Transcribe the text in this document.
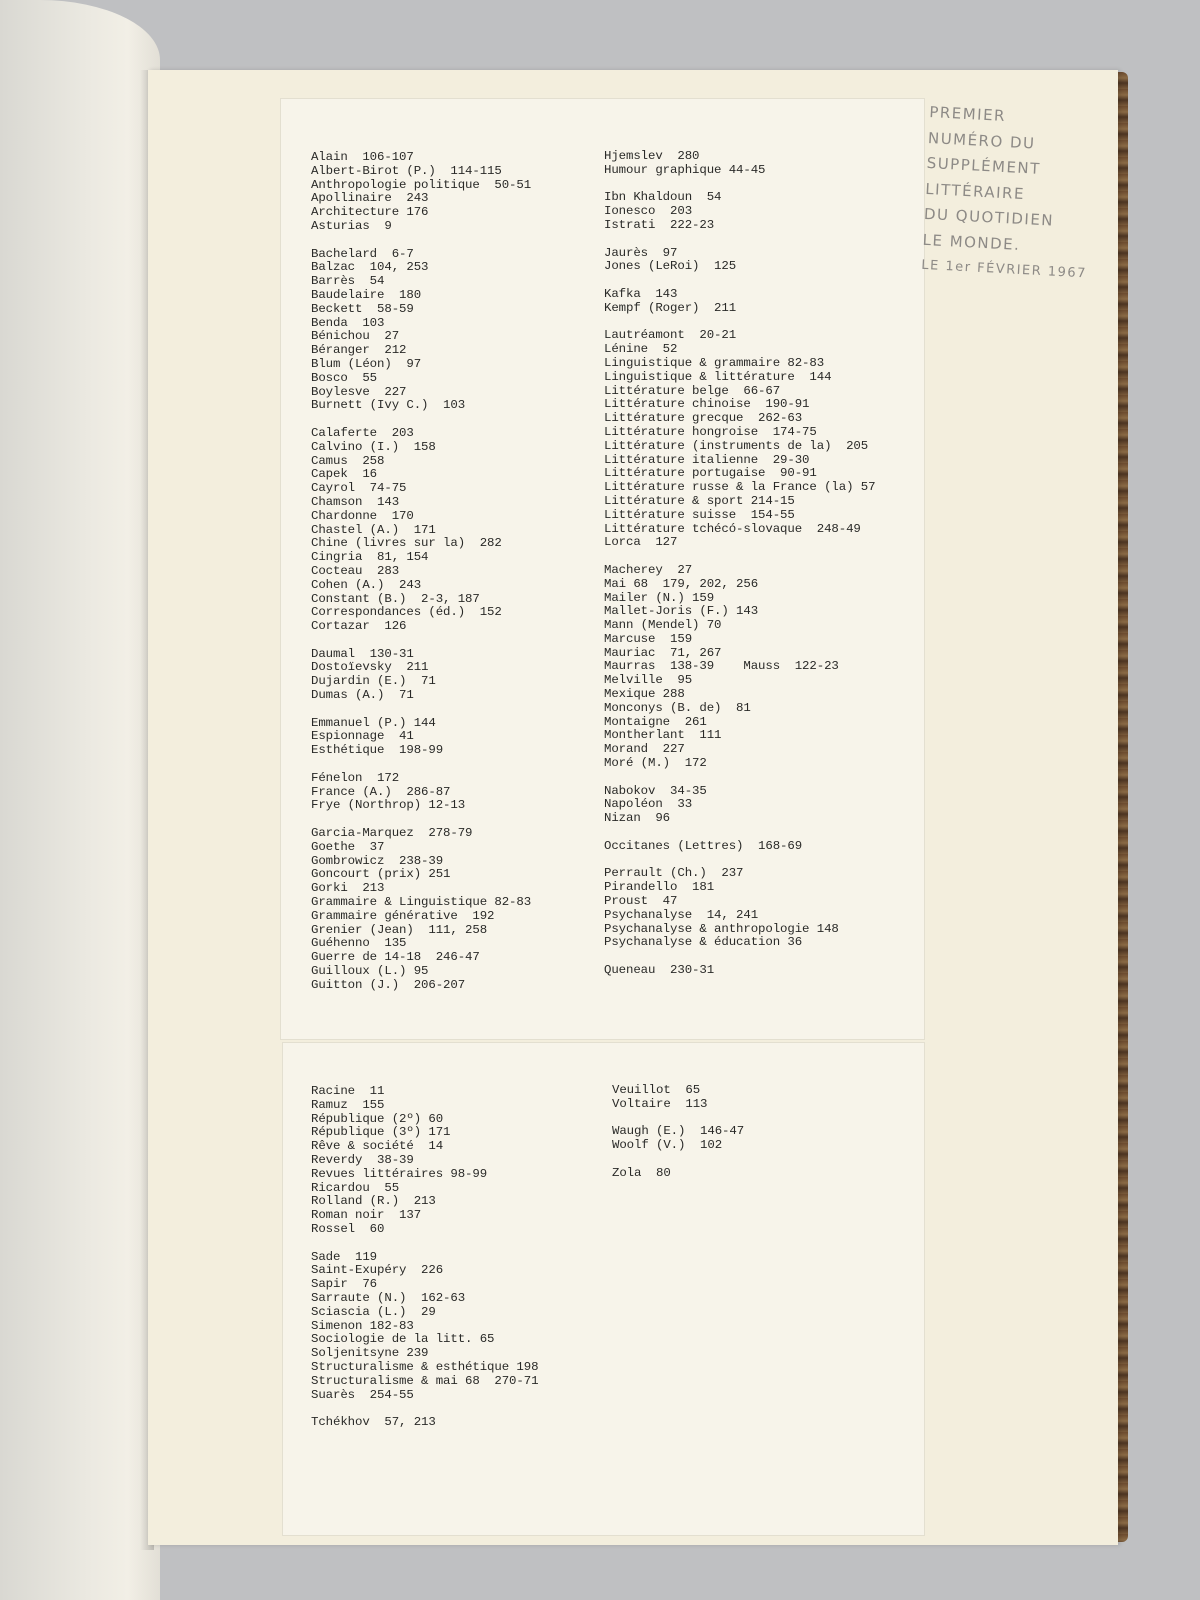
Alain  106-107
Albert-Birot (P.)  114-115
Anthropologie politique  50-51
Apollinaire  243
Architecture 176
Asturias  9
Bachelard  6-7
Balzac  104, 253
Barrès  54
Baudelaire  180
Beckett  58-59
Benda  103
Bénichou  27
Béranger  212
Blum (Léon)  97
Bosco  55
Boylesve  227
Burnett (Ivy C.)  103
Calaferte  203
Calvino (I.)  158
Camus  258
Capek  16
Cayrol  74-75
Chamson  143
Chardonne  170
Chastel (A.)  171
Chine (livres sur la)  282
Cingria  81, 154
Cocteau  283
Cohen (A.)  243
Constant (B.)  2-3, 187
Correspondances (éd.)  152
Cortazar  126
Daumal  130-31
Dostoïevsky  211
Dujardin (E.)  71
Dumas (A.)  71
Emmanuel (P.) 144
Espionnage  41
Esthétique  198-99
Fénelon  172
France (A.)  286-87
Frye (Northrop) 12-13
Garcia-Marquez  278-79
Goethe  37
Gombrowicz  238-39
Goncourt (prix) 251
Gorki  213
Grammaire & Linguistique 82-83
Grammaire générative  192
Grenier (Jean)  111, 258
Guéhenno  135
Guerre de 14-18  246-47
Guilloux (L.) 95
Guitton (J.)  206-207
Hjemslev  280
Humour graphique 44-45
Ibn Khaldoun  54
Ionesco  203
Istrati  222-23
Jaurès  97
Jones (LeRoi)  125
Kafka  143
Kempf (Roger)  211
Lautréamont  20-21
Lénine  52
Linguistique & grammaire 82-83
Linguistique & littérature  144
Littérature belge  66-67
Littérature chinoise  190-91
Littérature grecque  262-63
Littérature hongroise  174-75
Littérature (instruments de la)  205
Littérature italienne  29-30
Littérature portugaise  90-91
Littérature russe & la France (la) 57
Littérature & sport 214-15
Littérature suisse  154-55
Littérature tchécó-slovaque  248-49
Lorca  127
Macherey  27
Mai 68  179, 202, 256
Mailer (N.) 159
Mallet-Joris (F.) 143
Mann (Mendel) 70
Marcuse  159
Mauriac  71, 267
Maurras  138-39    Mauss  122-23
Melville  95
Mexique 288
Monconys (B. de)  81
Montaigne  261
Montherlant  111
Morand  227
Moré (M.)  172
Nabokov  34-35
Napoléon  33
Nizan  96
Occitanes (Lettres)  168-69
Perrault (Ch.)  237
Pirandello  181
Proust  47
Psychanalyse  14, 241
Psychanalyse & anthropologie 148
Psychanalyse & éducation 36
Queneau  230-31
Racine  11
Ramuz  155
République (2º) 60
République (3º) 171
Rêve & société  14
Reverdy  38-39
Revues littéraires 98-99
Ricardou  55
Rolland (R.)  213
Roman noir  137
Rossel  60
Sade  119
Saint-Exupéry  226
Sapir  76
Sarraute (N.)  162-63
Sciascia (L.)  29
Simenon 182-83
Sociologie de la litt. 65
Soljenitsyne 239
Structuralisme & esthétique 198
Structuralisme & mai 68  270-71
Suarès  254-55
Tchékhov  57, 213
Veuillot  65
Voltaire  113
Waugh (E.)  146-47
Woolf (V.)  102
Zola  80
PREMIER
NUMÉRO DU
SUPPLÉMENT
LITTÉRAIRE
DU QUOTIDIEN
LE MONDE.
LE 1er FÉVRIER 1967
